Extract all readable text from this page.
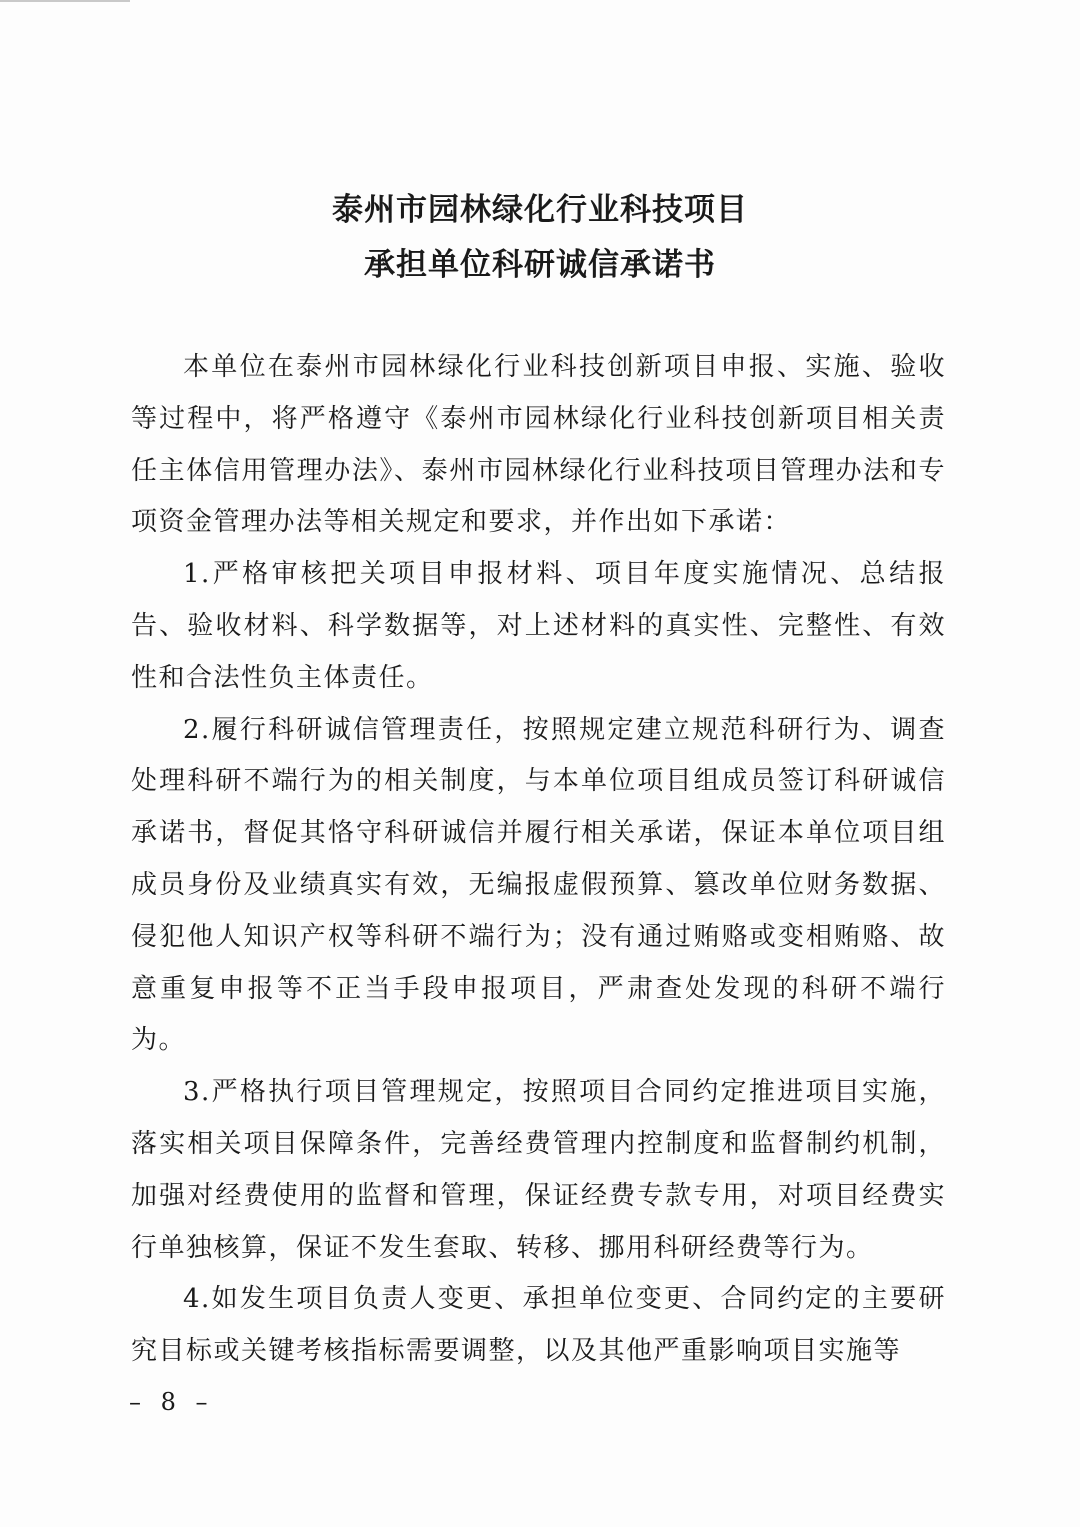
泰州市园林绿化行业科技项目
承担单位科研诚信承诺书

本单位在泰州市园林绿化行业科技创新项目申报、实施、验收等过程中，将严格遵守《泰州市园林绿化行业科技创新项目相关责任主体信用管理办法》、泰州市园林绿化行业科技项目管理办法和专项资金管理办法等相关规定和要求，并作出如下承诺：

1.严格审核把关项目申报材料、项目年度实施情况、总结报告、验收材料、科学数据等，对上述材料的真实性、完整性、有效性和合法性负主体责任。

2.履行科研诚信管理责任，按照规定建立规范科研行为、调查处理科研不端行为的相关制度，与本单位项目组成员签订科研诚信承诺书，督促其恪守科研诚信并履行相关承诺，保证本单位项目组成员身份及业绩真实有效，无编报虚假预算、篡改单位财务数据、侵犯他人知识产权等科研不端行为；没有通过贿赂或变相贿赂、故意重复申报等不正当手段申报项目，严肃查处发现的科研不端行为。

3.严格执行项目管理规定，按照项目合同约定推进项目实施，落实相关项目保障条件，完善经费管理内控制度和监督制约机制，加强对经费使用的监督和管理，保证经费专款专用，对项目经费实行单独核算，保证不发生套取、转移、挪用科研经费等行为。

4.如发生项目负责人变更、承担单位变更、合同约定的主要研究目标或关键考核指标需要调整，以及其他严重影响项目实施等

– 8 –
